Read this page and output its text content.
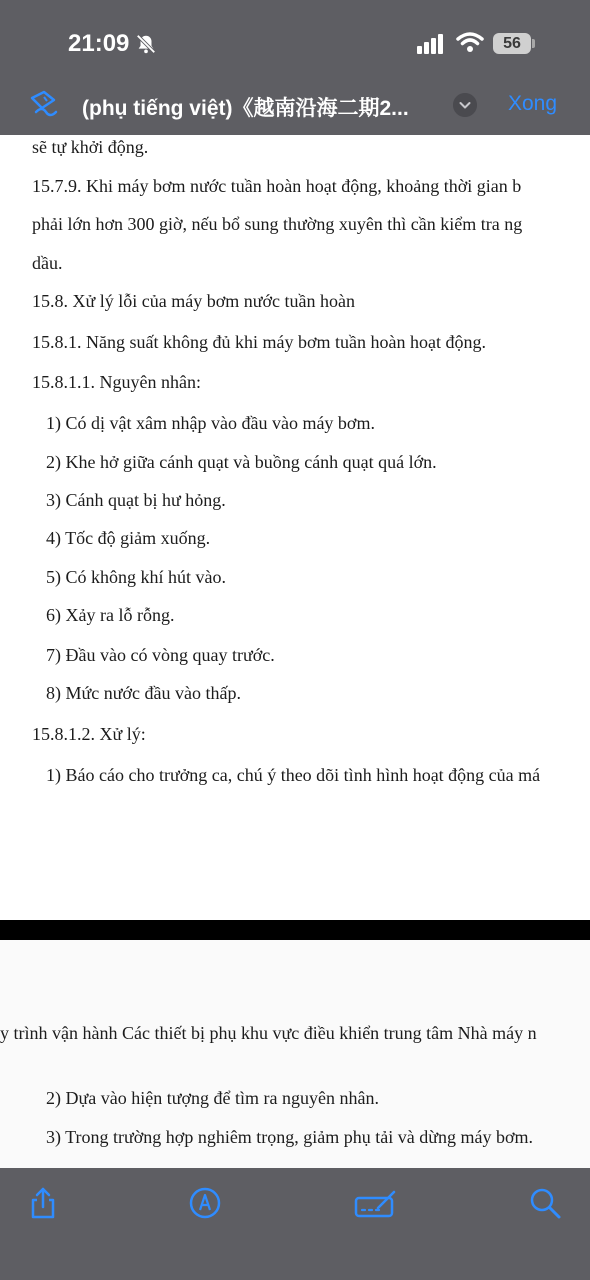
21:09	56
(phụ tiếng việt)《越南沿海二期2...	Xong
sẽ tự khởi động.
15.7.9. Khi máy bơm nước tuần hoàn hoạt động, khoảng thời gian b
phải lớn hơn 300 giờ, nếu bổ sung thường xuyên thì cần kiểm tra ng
dầu.
15.8. Xử lý lỗi của máy bơm nước tuần hoàn
15.8.1. Năng suất không đủ khi máy bơm tuần hoàn hoạt động.
15.8.1.1. Nguyên nhân:
1) Có dị vật xâm nhập vào đầu vào máy bơm.
2) Khe hở giữa cánh quạt và buồng cánh quạt quá lớn.
3) Cánh quạt bị hư hỏng.
4) Tốc độ giảm xuống.
5) Có không khí hút vào.
6) Xảy ra lỗ rỗng.
7) Đầu vào có vòng quay trước.
8) Mức nước đầu vào thấp.
15.8.1.2. Xử lý:
1) Báo cáo cho trưởng ca, chú ý theo dõi tình hình hoạt động của má
y trình vận hành Các thiết bị phụ khu vực điều khiển trung tâm Nhà máy n
2) Dựa vào hiện tượng để tìm ra nguyên nhân.
3) Trong trường hợp nghiêm trọng, giảm phụ tải và dừng máy bơm.
